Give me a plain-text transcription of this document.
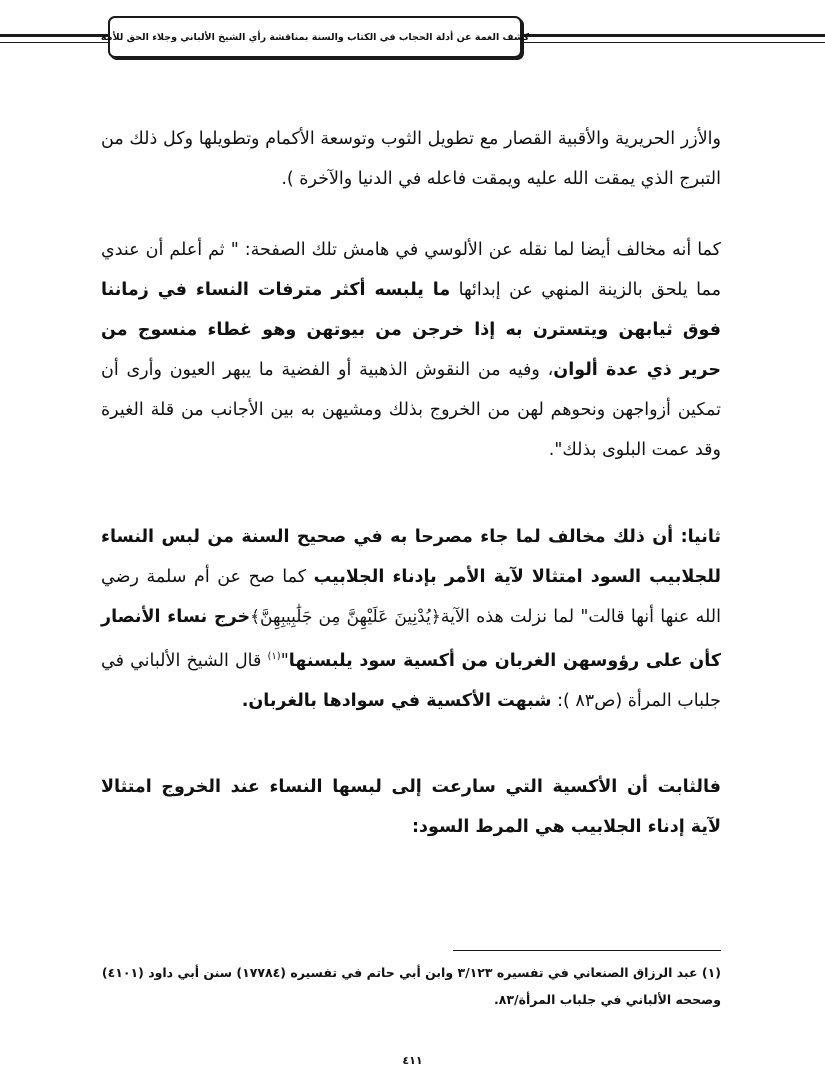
كشف الغمة عن أدلة الحجاب في الكتاب والسنة بمناقشة رأي الشيخ الألباني وجلاء الحق للأمة

والأزر الحريرية والأقبية القصار مع تطويل الثوب وتوسعة الأكمام وتطويلها وكل ذلك من التبرج الذي يمقت الله عليه ويمقت فاعله في الدنيا والآخرة ).

كما أنه مخالف أيضا لما نقله عن الألوسي في هامش تلك الصفحة: " ثم أعلم أن عندي مما يلحق بالزينة المنهي عن إبدائها ما يلبسه أكثر مترفات النساء في زماننا فوق ثيابهن ويتسترن به إذا خرجن من بيوتهن وهو غطاء منسوج من حرير ذي عدة ألوان، وفيه من النقوش الذهبية أو الفضية ما يبهر العيون وأرى أن تمكين أزواجهن ونحوهم لهن من الخروج بذلك ومشيهن به بين الأجانب من قلة الغيرة وقد عمت البلوى بذلك".

ثانيا: أن ذلك مخالف لما جاء مصرحا به في صحيح السنة من لبس النساء للجلابيب السود امتثالا لآية الأمر بإدناء الجلابيب كما صح عن أم سلمة رضي الله عنها أنها قالت" لما نزلت هذه الآية﴿يُدْنِينَ عَلَيْهِنَّ مِن جَلَٰبِيبِهِنَّ﴾خرج نساء الأنصار كأن على رؤوسهن الغربان من أكسية سود يلبسنها"$^{(١)}$ قال الشيخ الألباني في جلباب المرأة (ص٨٣ ): شبهت الأكسية في سوادها بالغربان.

فالثابت أن الأكسية التي سارعت إلى لبسها النساء عند الخروج امتثالا لآية إدناء الجلابيب هي المرط السود:

(١) عبد الرزاق الصنعاني في تفسيره ٣/١٢٣ وابن أبي حاتم في تفسيره (١٧٧٨٤) سنن أبي داود (٤١٠١)
وصححه الألباني في جلباب المرأة/٨٣.

٤١١
